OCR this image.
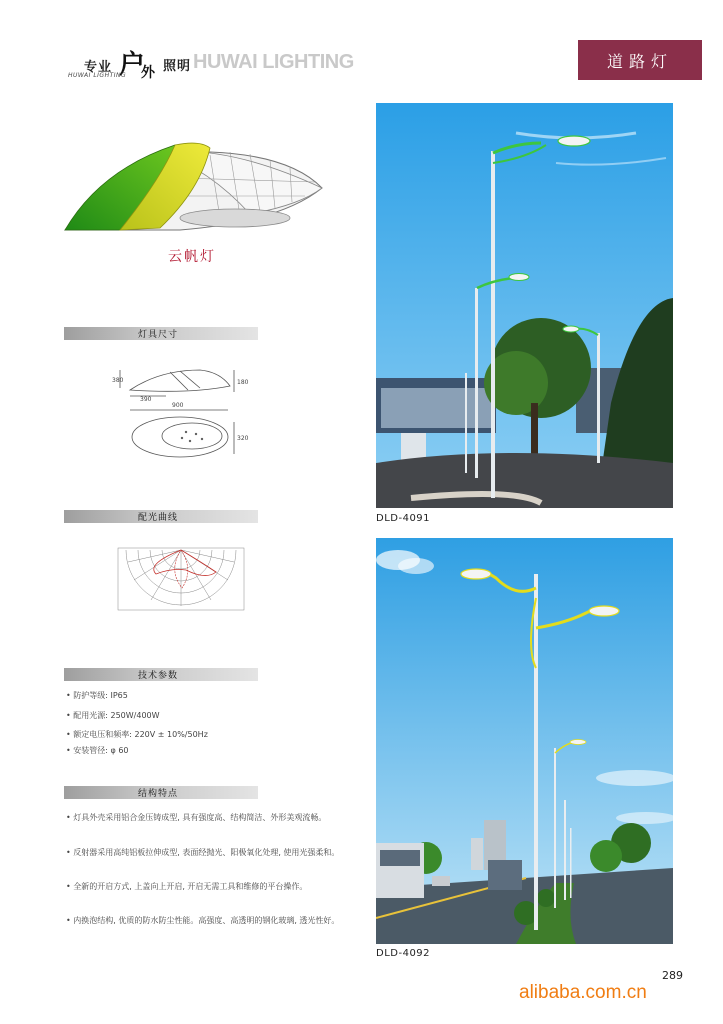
专业 户
外 照明 HUWAI LIGHTING
HUWAI LIGHTING
道路灯
云帆灯
灯具尺寸
390
900
180
320
380
配光曲线
技术参数
• 防护等级: IP65
• 配用光源: 250W/400W
• 额定电压和频率: 220V ± 10%/50Hz
• 安装管径: φ 60
结构特点
• 灯具外壳采用铝合金压铸成型, 具有强度高、结构简洁、外形美观流畅。
• 反射器采用高纯铝板拉伸成型, 表面经抛光、阳极氧化处理, 使用光强柔和。
• 全新的开启方式, 上盖向上开启, 开启无需工具和维修的平台操作。
• 内换泡结构, 优质的防水防尘性能。高强度、高透明的钢化玻璃, 透光性好。
DLD-4091
DLD-4092
289
alibaba.com.cn
